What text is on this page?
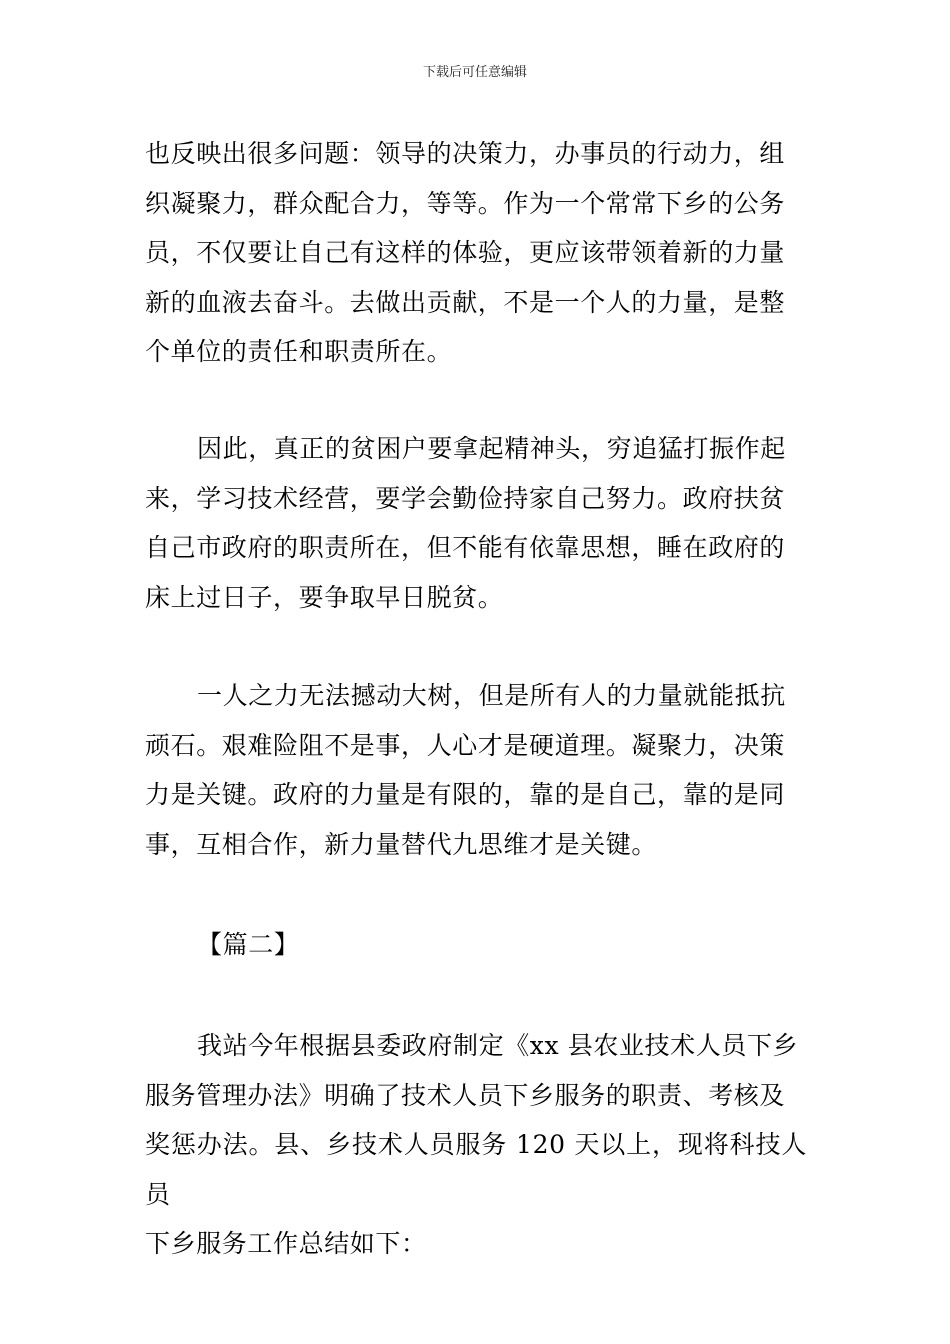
下载后可任意编辑
也反映出很多问题：领导的决策力，办事员的行动力，组
织凝聚力，群众配合力，等等。作为一个常常下乡的公务
员，不仅要让自己有这样的体验，更应该带领着新的力量
新的血液去奋斗。去做出贡献，不是一个人的力量，是整
个单位的责任和职责所在。
因此，真正的贫困户要拿起精神头，穷追猛打振作起
来，学习技术经营，要学会勤俭持家自己努力。政府扶贫
自己市政府的职责所在，但不能有依靠思想，睡在政府的
床上过日子，要争取早日脱贫。
一人之力无法撼动大树，但是所有人的力量就能抵抗
顽石。艰难险阻不是事，人心才是硬道理。凝聚力，决策
力是关键。政府的力量是有限的，靠的是自己，靠的是同
事，互相合作，新力量替代九思维才是关键。
【篇二】
我站今年根据县委政府制定《xx 县农业技术人员下乡
服务管理办法》明确了技术人员下乡服务的职责、考核及
奖惩办法。县、乡技术人员服务 120 天以上，现将科技人员
下乡服务工作总结如下：
